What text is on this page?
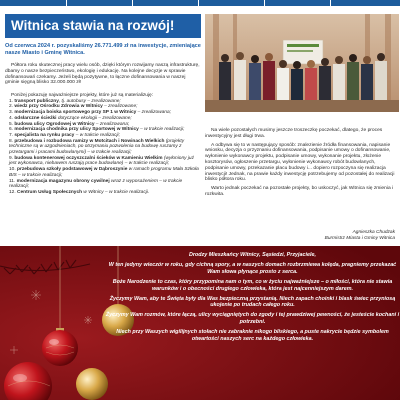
Witnica stawia na rozwój!
Od czerwca 2024 r. pozyskaliśmy 26.771.499 zł na inwestycje, zmieniające nasze Miasto i Gminę Witnica.
Półtora roku skutecznej pracy wielu osób, dzięki którym rozwijamy naszą infrastrukturę, dbamy o nasze bezpieczeństwo, ekologię i edukację. Na kolejne decyzje w sprawie dofinansowań czekamy. Jeżeli będą pozytywne, to łączne dofinansowania w naszej gminie sięgną blisko 32.000.000 zł!
Poniżej pokazuję najważniejsze projekty, które już są materializuję:
1. transport publiczny, tj. autobusy – zrealizowane;
2. wiedz przy Ośrodku Zdrowia w Witnicy – zrealizowane;
3. modernizacja boiska sportowego przy SP 1 w Witnicy – zrealizowana;
4. odsłarczne ścieżki dotyczące ekologii – zrealizowane;
5. budowa ulicy Ogrodowej w Witnicy – zrealizowana;
6. modernizacja chodnika przy ulicy Sportowej w Witnicy – w trakcie realizacji;
7. specjalista na rynku pracy – w trakcie realizacji;
8. przebudowa i rozbudowa ramizy w Motcitach i Nowinach Wielkich (projekty techniczne są w uzgodnieniach, po otrzymaniu pozwolenia na budowę ruszamy z przetargami i pracami budowlanymi) – w trakcie realizacji;
9. budowa kontenerowej oczyszczalni ścieków w Kamieniu Wielkim (wyłoniony już jest wykonawca, niebawem ruszają prace budowlane) – w trakcie realizacji;
10. przebudowa szkoły podstawowej w Dąbroszynie w ramach programu Mała Szkoła BIS – w trakcie realizacji;
11. modernizacja magazynu obrony cywilnej wraz z wyposażeniem – w trakcie realizacji;
12. Centrum Usług Społecznych w Witnicy – w trakcie realizacji.

Na wiele pozostałych musimy jeszcze troszeczkę poczekać, dlatego, że proces inwestycyjny jest długi trwa.

A odbywa się to w następujący sposób: znalezienie źródła finansowania, napisanie wniosku, decyzja o przyznaniu dofinansowania, podpisanie umowy o dofinansowanie, wyłonienie wykonawcy projektu, podpisanie umowy, wykonanie projektu, złożenie kosztorysów, ogłoszenie przetargu, wyłonienie wykonawcy robót budowlanych, podpisanie umowy, przekazanie placu budowy i... dopiero rozpoczyna się realizacja inwestycji! Jednak, na prawie każdy inwestycję potrzebujemy od pozostałej do realizacji blisko półtora roku.

Warto jednak poczekać na pozostałe projekty, bo uskoczyć, jak Witnica się zmienia i rozkwita.

Agnieszka Chudzak
Burmistrz Miasta i Gminy Witnica

Drodzy Mieszkańcy Witnicy, Sąsiedzi, Przyjaciele,

W ten jedyny wieczór w roku, gdy cichną spory, a w naszych domach rozbrzmiewa kolęda, pragniemy przekazać Wam słowa płynące prosto z serca.

Boże Narodzenie to czas, który przypomina nam o tym, co w życiu najważniejsze – o miłości, która nie stawia warunków i o obecności drugiego człowieka, która jest najcenniejszym darem.

Życzymy Wam, aby te Święta były dla Was bezpieczną przystanią. Niech zapach choinki i blask świec przyniosą ukojenie po trudach całego roku.

Życzymy Wam rozmów, które łączą, ulicy wyciągniętych do zgody i tej prawdziwej pewności, że jesteście kochani i potrzebni.

Niech przy Waszych wigilijnych stołach nie zabraknie nikogo bliskiego, a puste nakrycie będzie symbolem otwartości naszych serc na każdego człowieka.
